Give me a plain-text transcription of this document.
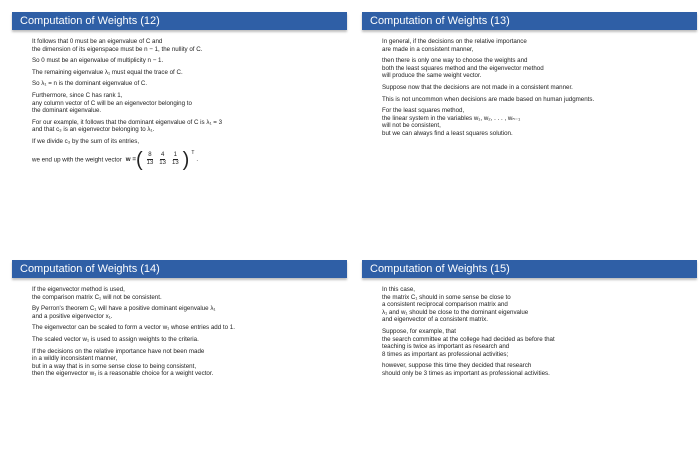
Computation of Weights (12)
It follows that 0 must be an eigenvalue of C and
the dimension of its eigenspace must be n − 1, the nullity of C.
So 0 must be an eigenvalue of multiplicity n − 1.
The remaining eigenvalue λ₁ must equal the trace of C.
So λ₁ = n is the dominant eigenvalue of C.
Furthermore, since C has rank 1,
any column vector of C will be an eigenvector belonging to
the dominant eigenvalue.
For our example, it follows that the dominant eigenvalue of C is λ₁ = 3
and that c₃ is an eigenvector belonging to λ₁.
If we divide c₃ by the sum of its entries,
we end up with the weight vector w = ( $\frac{8}{13} \frac{4}{13} \frac{1}{13}$ ) T
.
Computation of Weights (13)
In general, if the decisions on the relative importance
are made in a consistent manner,
then there is only one way to choose the weights and
both the least squares method and the eigenvector method
will produce the same weight vector.
Suppose now that the decisions are not made in a consistent manner.
This is not uncommon when decisions are made based on human judgments.
For the least squares method,
the linear system in the variables w₁, w₂, . . . , wₙ₋₁
will not be consistent,
but we can always find a least squares solution.
Computation of Weights (14)
If the eigenvector method is used,
the comparison matrix C₁ will not be consistent.
By Perron's theorem C₁ will have a positive dominant eigenvalue λ₁
and a positive eigenvector x₁.
The eigenvector can be scaled to form a vector w₁ whose entries add to 1.
The scaled vector w₁ is used to assign weights to the criteria.
If the decisions on the relative importance have not been made
in a wildly inconsistent manner,
but in a way that is in some sense close to being consistent,
then the eigenvector w₁ is a reasonable choice for a weight vector.
Computation of Weights (15)
In this case,
the matrix C₁ should in some sense be close to
a consistent reciprocal comparison matrix and
λ₁ and w₁ should be close to the dominant eigenvalue
and eigenvector of a consistent matrix.
Suppose, for example, that
the search committee at the college had decided as before that
teaching is twice as important as research and
8 times as important as professional activities;
however, suppose this time they decided that research
should only be 3 times as important as professional activities.
